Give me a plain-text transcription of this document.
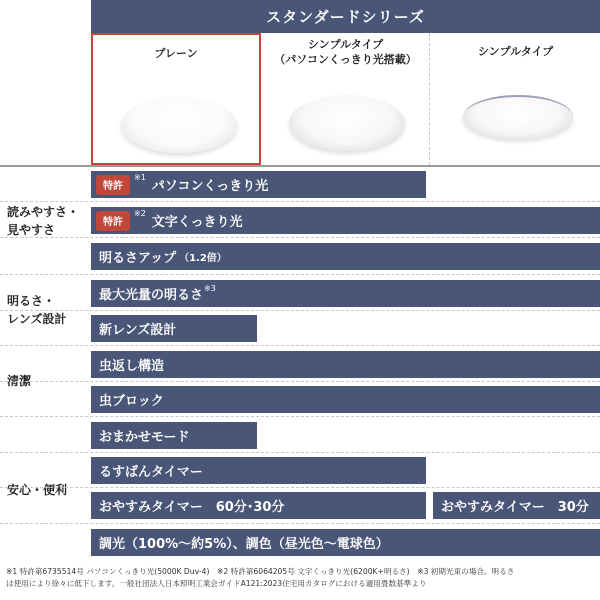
スタンダードシリーズ
プレーン
シンプルタイプ
（パソコンくっきり光搭載）
シンプルタイプ
読みやすさ・
見やすさ
特許
※1
パソコンくっきり光
特許
※2
文字くっきり光
明るさアップ （1.2倍）
明るさ・
レンズ設計
最大光量の明るさ ※3
新レンズ設計
清潔
虫返し構造
虫ブロック
安心・便利
おまかせモード
るすばんタイマー
おやすみタイマー　60分･30分	おやすみタイマー　30分
調光（100%～約5%）、調色（昼光色～電球色）
※1 特許第6735514号 パソコンくっきり光(5000K Duv-4)　※2 特許第6064205号 文字くっきり光(6200K+明るさ)　※3 初期光束の場合。明るさ
は使用により徐々に低下します。一般社団法人日本照明工業会ガイドA121:2023住宅用カタログにおける適用畳数基準より
